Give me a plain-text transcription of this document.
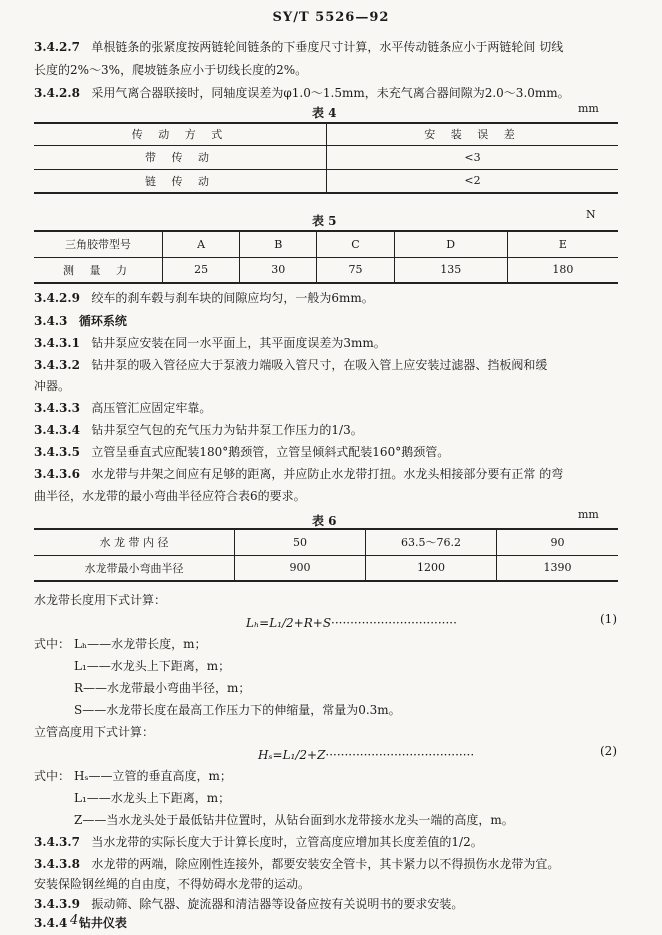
SY/T 5526—92
3.4.2.7 单根链条的张紧度按两链轮间链条的下垂度尺寸计算，水平传动链条应小于两链轮间 切线
长度的2%～3%，爬坡链条应小于切线长度的2%。
3.4.2.8 采用气离合器联接时，同轴度误差为φ1.0～1.5mm，未充气离合器间隙为2.0～3.0mm。
表 4	mm
传 动 方 式	安 装 误 差
带 传 动	<3
链 传 动	<2
表 5	N
三角胶带型号	A	B	C	D	E
测 量 力	25	30	75	135	180
3.4.2.9 绞车的刹车毂与刹车块的间隙应均匀，一般为6mm。
3.4.3 循环系统
3.4.3.1 钻井泵应安装在同一水平面上，其平面度误差为3mm。
3.4.3.2 钻井泵的吸入管径应大于泵液力端吸入管尺寸，在吸入管上应安装过滤器、挡板阀和缓
冲器。
3.4.3.3 高压管汇应固定牢靠。
3.4.3.4 钻井泵空气包的充气压力为钻井泵工作压力的1/3。
3.4.3.5 立管呈垂直式应配装180°鹅颈管，立管呈倾斜式配装160°鹅颈管。
3.4.3.6 水龙带与井架之间应有足够的距离，并应防止水龙带打扭。水龙头相接部分要有正常 的弯
曲半径，水龙带的最小弯曲半径应符合表6的要求。
表 6	mm
水 龙 带 内 径	50	63.5～76.2	90
水龙带最小弯曲半径	900	1200	1390
水龙带长度用下式计算：
Lₕ=L₁/2+R+S·································	(1)
式中： Lₕ——水龙带长度，m；
L₁——水龙头上下距离，m；
R——水龙带最小弯曲半径，m；
S——水龙带长度在最高工作压力下的伸缩量，常量为0.3m。
立管高度用下式计算：
Hₛ=L₁/2+Z·······································	(2)
式中： Hₛ——立管的垂直高度，m；
L₁——水龙头上下距离，m；
Z——当水龙头处于最低钻井位置时，从钻台面到水龙带接水龙头一端的高度，m。
3.4.3.7 当水龙带的实际长度大于计算长度时，立管高度应增加其长度差值的1/2。
3.4.3.8 水龙带的两端，除应刚性连接外，都要安装安全管卡，其卡紧力以不得损伤水龙带为宜。
安装保险钢丝绳的自由度，不得妨碍水龙带的运动。
3.4.3.9 振动筛、除气器、旋流器和清洁器等设备应按有关说明书的要求安装。
3.4.4 钻井仪表
4
